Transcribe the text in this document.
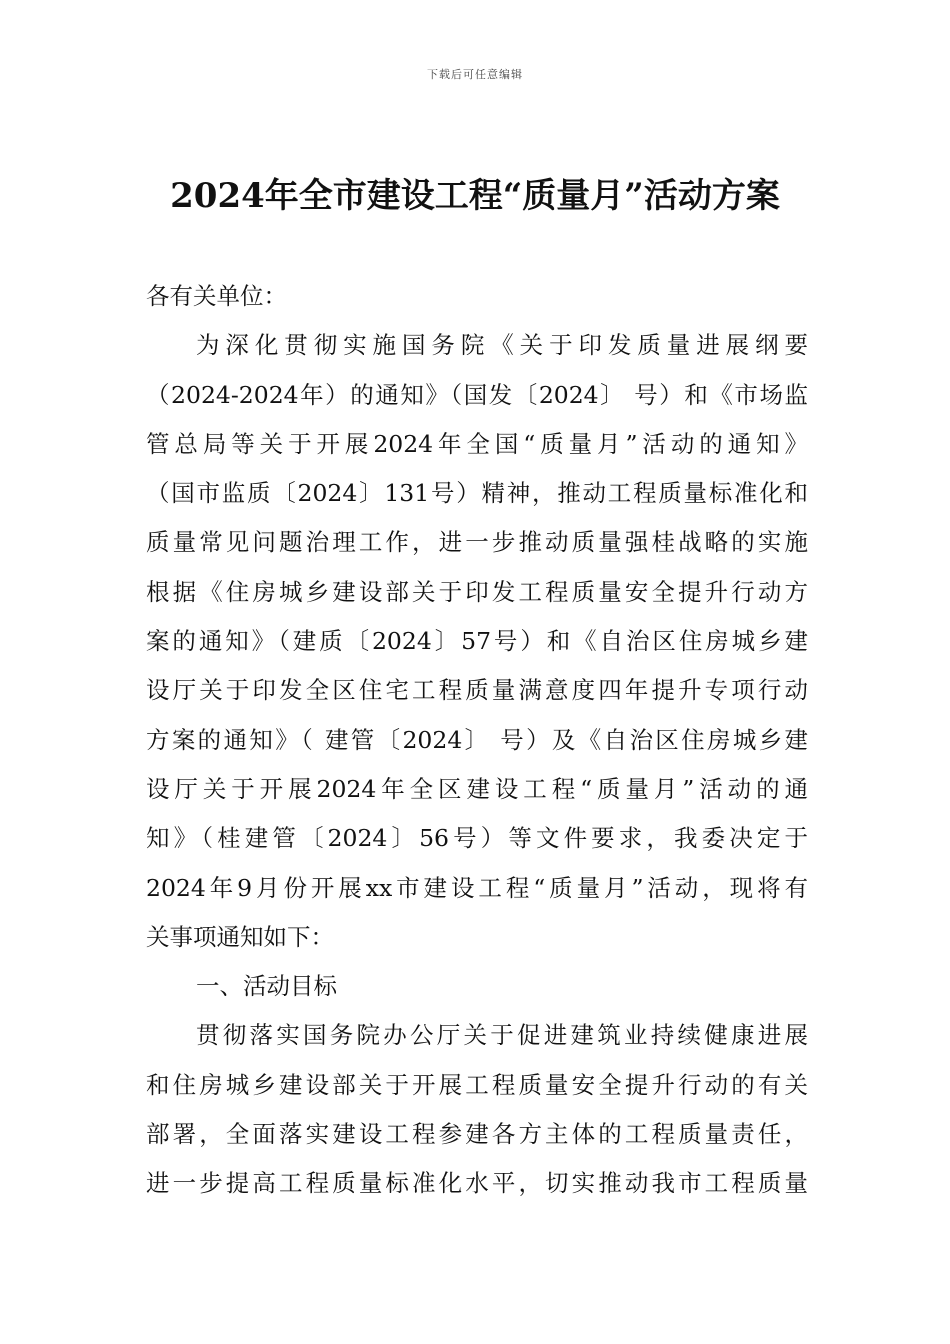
下载后可任意编辑
2024年全市建设工程“质量月”活动方案
各有关单位：
为深化贯彻实施国务院《关于印发质量进展纲要
（2024-2024年）的通知》（国发〔2024〕 号）和《市场监
管总局等关于开展2024年全国“质量月”活动的通知》
（国市监质〔2024〕131号）精神，推动工程质量标准化和
质量常见问题治理工作，进一步推动质量强桂战略的实施
根据《住房城乡建设部关于印发工程质量安全提升行动方
案的通知》（建质〔2024〕57号）和《自治区住房城乡建
设厅关于印发全区住宅工程质量满意度四年提升专项行动
方案的通知》（ 建管〔2024〕 号）及《自治区住房城乡建
设厅关于开展2024年全区建设工程“质量月”活动的通
知》（桂建管〔2024〕56号）等文件要求，我委决定于
2024年9月份开展xx市建设工程“质量月”活动，现将有
关事项通知如下：
一、活动目标
贯彻落实国务院办公厅关于促进建筑业持续健康进展
和住房城乡建设部关于开展工程质量安全提升行动的有关
部署，全面落实建设工程参建各方主体的工程质量责任，
进一步提高工程质量标准化水平，切实推动我市工程质量
